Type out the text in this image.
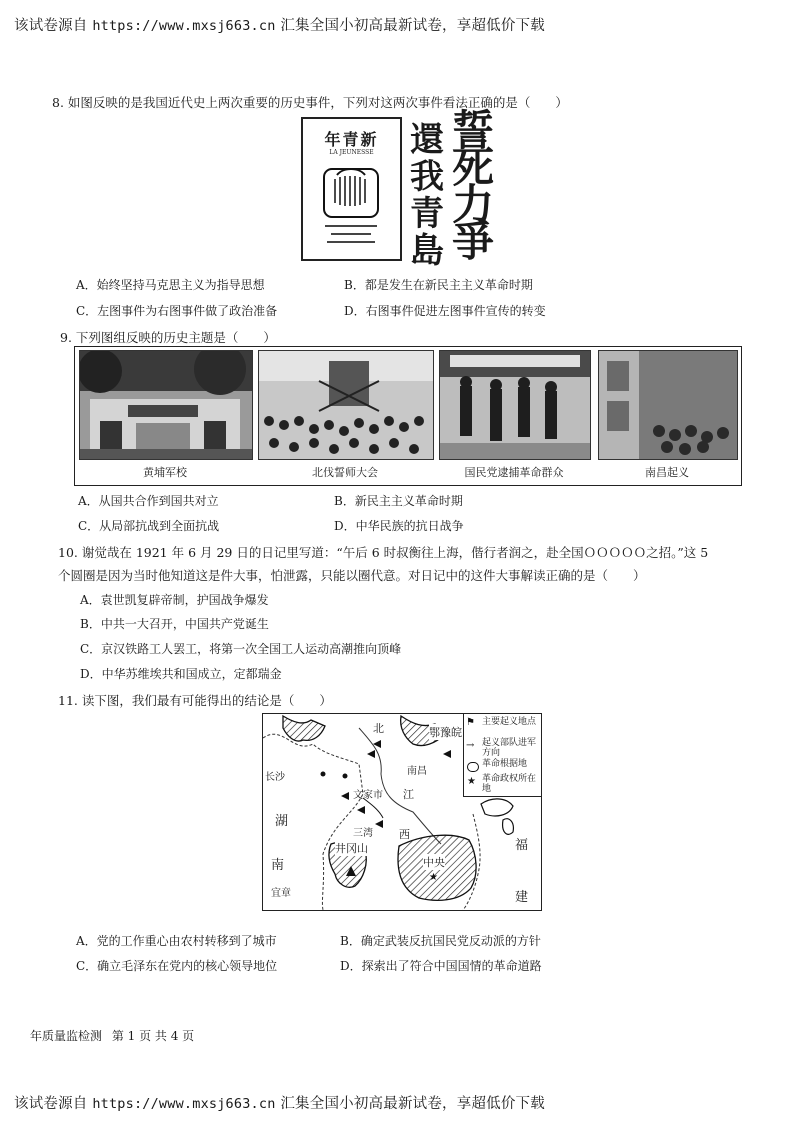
该试卷源自 https://www.mxsj663.cn 汇集全国小初高最新试卷，享超低价下载
8. 如图反映的是我国近代史上两次重要的历史事件，下列对这两次事件看法正确的是（　　）
年青新
LA JEUNESSE	誓死力爭
還我青島
A．始终坚持马克思主义为指导思想	B．都是发生在新民主主义革命时期
C．左图事件为右图事件做了政治准备	D．右图事件促进左图事件宣传的转变
9. 下列图组反映的历史主题是（　　）
黄埔军校	北伐誓师大会	国民党逮捕革命群众	南昌起义
A．从国共合作到国共对立	B．新民主主义革命时期
C．从局部抗战到全面抗战	D．中华民族的抗日战争
10. 谢觉哉在 1921 年 6 月 29 日的日记里写道：“午后 6 时叔衡往上海，偕行者润之，赴全国ＯＯＯＯＯ之招。”这 5
个圆圈是因为当时他知道这是件大事，怕泄露，只能以圈代意。对日记中的这件大事解读正确的是（　　）
A．袁世凯复辟帝制，护国战争爆发
B．中共一大召开，中国共产党诞生
C．京汉铁路工人罢工，将第一次全国工人运动高潮推向顶峰
D．中华苏维埃共和国成立，定都瑞金
11. 读下图，我们最有可能得出的结论是（　　）
★
北	鄂豫皖
长沙
南昌
文家市 江
湖
三湾 西
井冈山
中央
福
南
建
宜章
⚑ 主要起义地点
→ 起义部队进军方向
革命根据地
★ 革命政权所在地
A．党的工作重心由农村转移到了城市	B．确定武装反抗国民党反动派的方针
C．确立毛泽东在党内的核心领导地位	D．探索出了符合中国国情的革命道路
年质量监检测 第 1 页 共 4 页
该试卷源自 https://www.mxsj663.cn 汇集全国小初高最新试卷，享超低价下载
